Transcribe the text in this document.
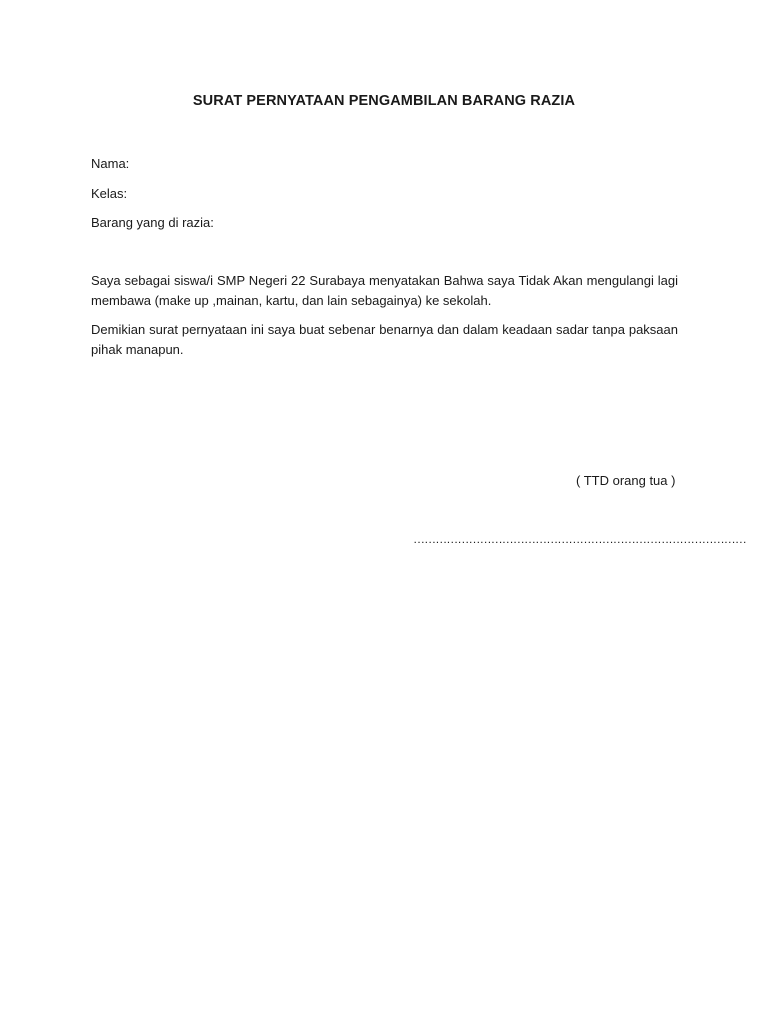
SURAT PERNYATAAN PENGAMBILAN BARANG RAZIA
Nama:
Kelas:
Barang yang di razia:
Saya sebagai siswa/i SMP Negeri 22 Surabaya menyatakan Bahwa saya Tidak Akan mengulangi lagi membawa (make up ,mainan, kartu, dan lain sebagainya) ke sekolah.
Demikian surat pernyataan ini saya buat sebenar benarnya dan dalam keadaan sadar tanpa paksaan pihak manapun.
( TTD orang tua )
………………………………………………………………………………
